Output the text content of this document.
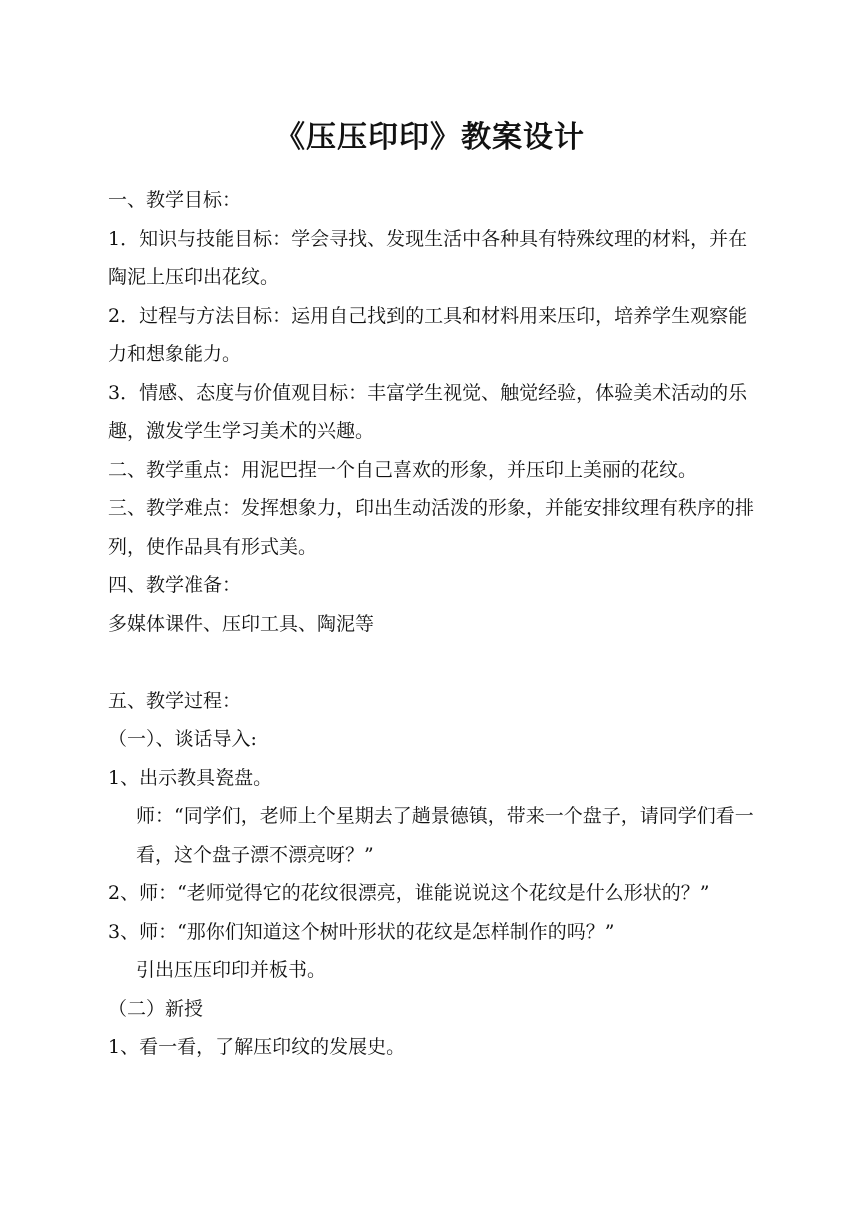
《压压印印》教案设计

一、教学目标：

1．知识与技能目标：学会寻找、发现生活中各种具有特殊纹理的材料，并在陶泥上压印出花纹。

2．过程与方法目标：运用自己找到的工具和材料用来压印，培养学生观察能力和想象能力。

3．情感、态度与价值观目标：丰富学生视觉、触觉经验，体验美术活动的乐趣，激发学生学习美术的兴趣。

二、教学重点：用泥巴捏一个自己喜欢的形象，并压印上美丽的花纹。

三、教学难点：发挥想象力，印出生动活泼的形象，并能安排纹理有秩序的排列，使作品具有形式美。

四、教学准备：

多媒体课件、压印工具、陶泥等

五、教学过程：

（一）、谈话导入:

1、出示教具瓷盘。

师：“同学们，老师上个星期去了趟景德镇，带来一个盘子，请同学们看一看，这个盘子漂不漂亮呀？”

2、师：“老师觉得它的花纹很漂亮，谁能说说这个花纹是什么形状的？”

3、师：“那你们知道这个树叶形状的花纹是怎样制作的吗？”

引出压压印印并板书。

（二）新授

1、看一看，了解压印纹的发展史。
